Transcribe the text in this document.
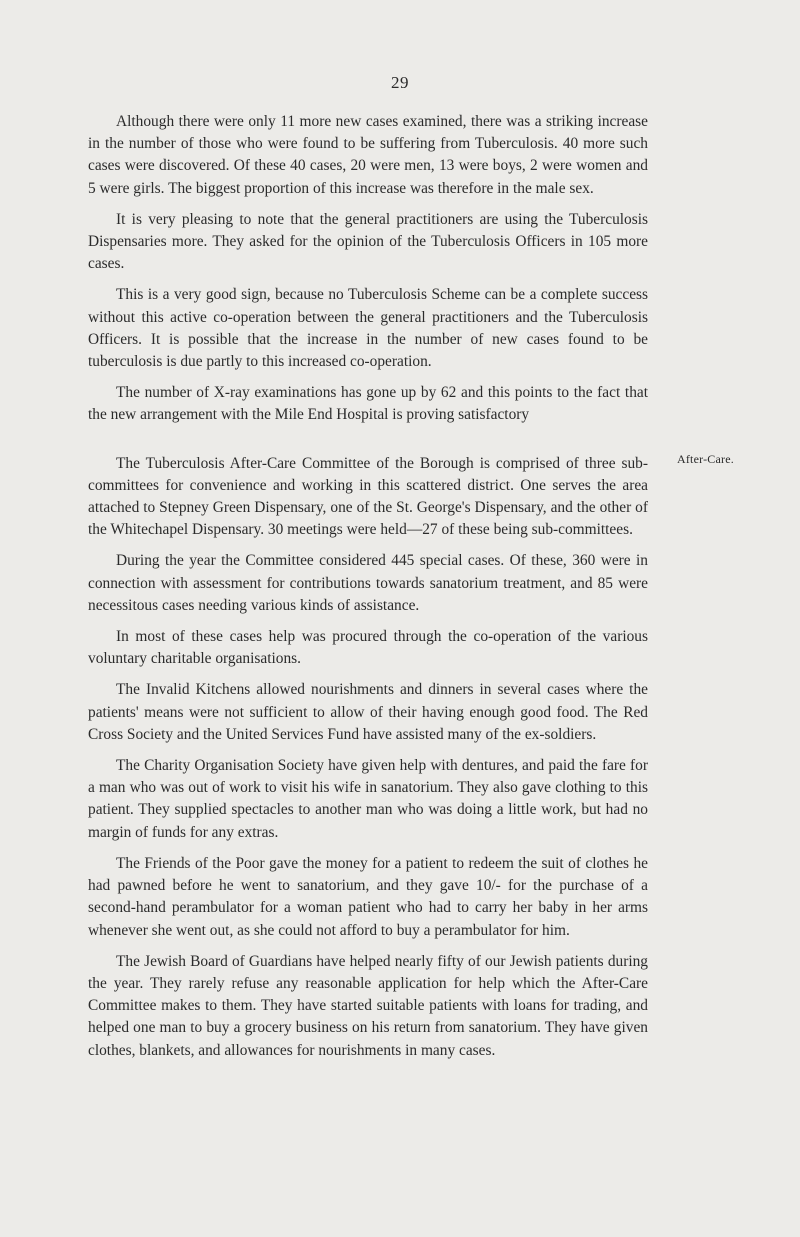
29
After-Care.

Although there were only 11 more new cases examined, there was a striking increase in the number of those who were found to be suffering from Tuberculosis. 40 more such cases were discovered. Of these 40 cases, 20 were men, 13 were boys, 2 were women and 5 were girls. The biggest proportion of this increase was therefore in the male sex.

It is very pleasing to note that the general practitioners are using the Tuberculosis Dispensaries more. They asked for the opinion of the Tuberculosis Officers in 105 more cases.

This is a very good sign, because no Tuberculosis Scheme can be a complete success without this active co-operation between the general practitioners and the Tuberculosis Officers. It is possible that the increase in the number of new cases found to be tuberculosis is due partly to this increased co-operation.

The number of X-ray examinations has gone up by 62 and this points to the fact that the new arrangement with the Mile End Hospital is proving satisfactory

The Tuberculosis After-Care Committee of the Borough is comprised of three sub-committees for convenience and working in this scattered district. One serves the area attached to Stepney Green Dispensary, one of the St. George's Dispensary, and the other of the Whitechapel Dispensary. 30 meetings were held—27 of these being sub-committees.

During the year the Committee considered 445 special cases. Of these, 360 were in connection with assessment for contributions towards sanatorium treatment, and 85 were necessitous cases needing various kinds of assistance.

In most of these cases help was procured through the co-operation of the various voluntary charitable organisations.

The Invalid Kitchens allowed nourishments and dinners in several cases where the patients' means were not sufficient to allow of their having enough good food. The Red Cross Society and the United Services Fund have assisted many of the ex-soldiers.

The Charity Organisation Society have given help with dentures, and paid the fare for a man who was out of work to visit his wife in sanatorium. They also gave clothing to this patient. They supplied spectacles to another man who was doing a little work, but had no margin of funds for any extras.

The Friends of the Poor gave the money for a patient to redeem the suit of clothes he had pawned before he went to sanatorium, and they gave 10/- for the purchase of a second-hand perambulator for a woman patient who had to carry her baby in her arms whenever she went out, as she could not afford to buy a perambulator for him.

The Jewish Board of Guardians have helped nearly fifty of our Jewish patients during the year. They rarely refuse any reasonable application for help which the After-Care Committee makes to them. They have started suitable patients with loans for trading, and helped one man to buy a grocery business on his return from sanatorium. They have given clothes, blankets, and allowances for nourishments in many cases.
